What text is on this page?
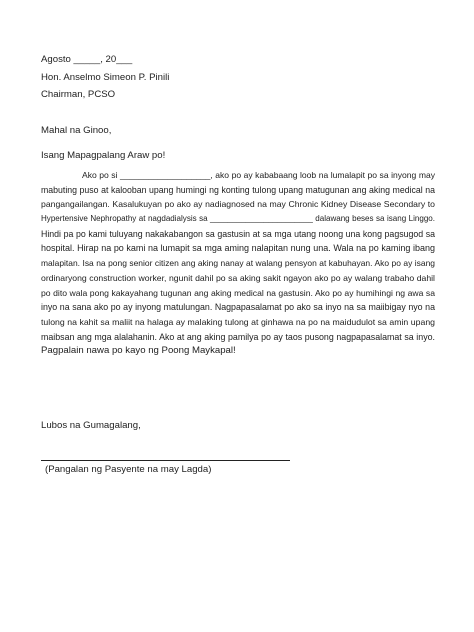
Agosto _____, 20___
Hon. Anselmo Simeon P. Pinili
Chairman, PCSO
Mahal na Ginoo,
Isang Mapagpalang Araw po!
Ako po si ___________________, ako po ay kababaang loob na lumalapit po sa inyong may
mabuting puso at kalooban upang humingi ng konting tulong upang matugunan ang aking medical na
pangangailangan. Kasalukuyan po ako ay nadiagnosed na may Chronic Kidney Disease Secondary to
Hypertensive Nephropathy at nagdadialysis sa _______________________ dalawang beses sa isang Linggo.
Hindi pa po kami tuluyang nakakabangon sa gastusin at sa mga utang noong una kong pagsugod sa
hospital. Hirap na po kami na lumapit sa mga aming nalapitan nung una. Wala na po kaming ibang
malapitan. Isa na pong senior citizen ang aking nanay at walang pensyon at kabuhayan. Ako po ay isang
ordinaryong construction worker, ngunit dahil po sa aking sakit ngayon ako po ay walang trabaho dahil
po dito wala pong kakayahang tugunan ang aking medical na gastusin. Ako po ay humihingi ng awa sa
inyo na sana ako po ay inyong matulungan. Nagpapasalamat po ako sa inyo na sa maiibigay nyo na
tulong na kahit sa maliit na halaga ay malaking tulong at ginhawa na po na maidudulot sa amin upang
maibsan ang mga alalahanin. Ako at ang aking pamilya po ay taos pusong nagpapasalamat sa inyo.
Pagpalain nawa po kayo ng Poong Maykapal!
Lubos na Gumagalang,
(Pangalan ng Pasyente na may Lagda)
